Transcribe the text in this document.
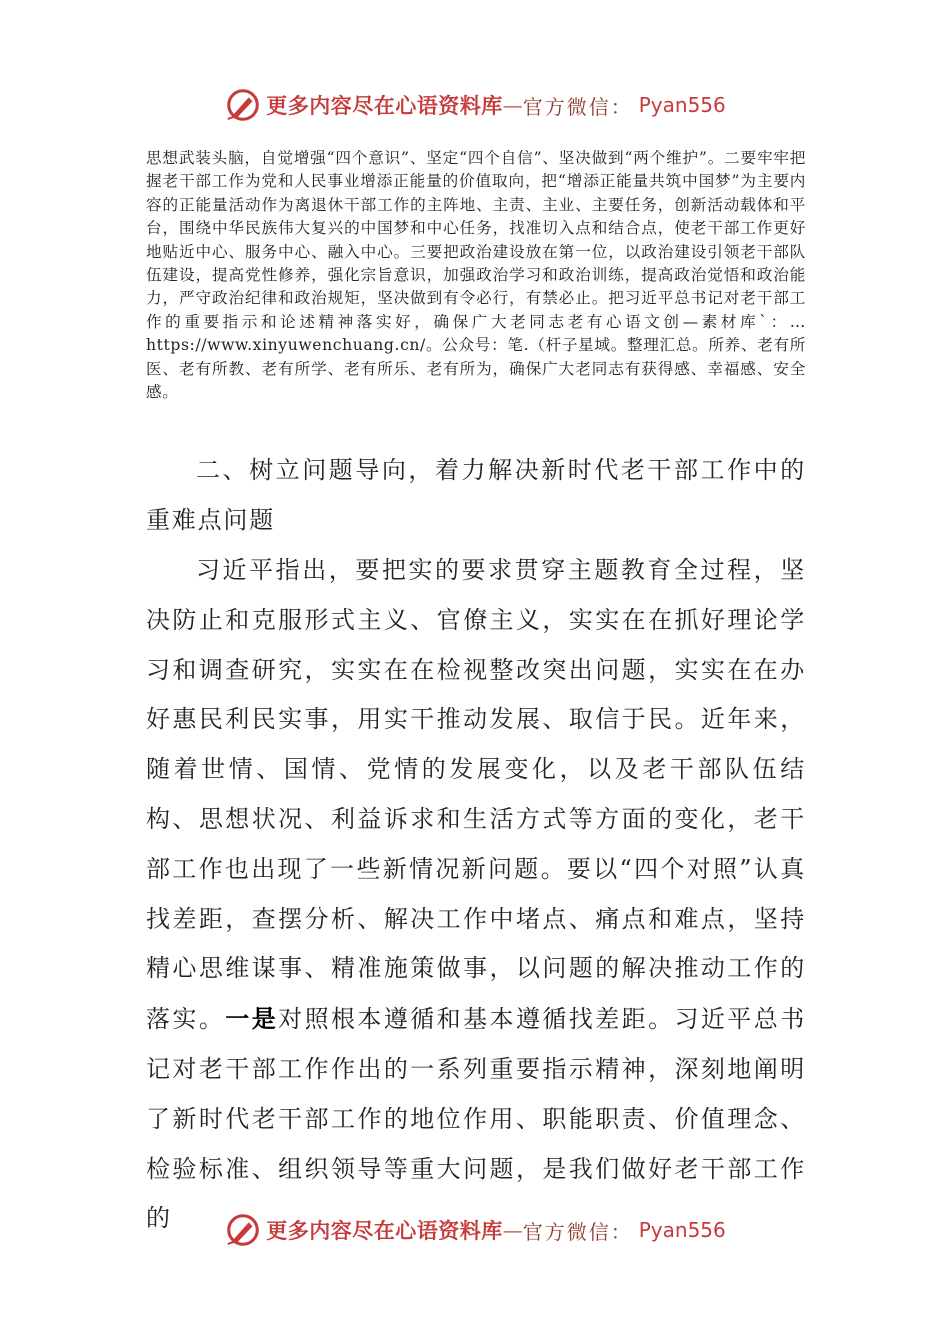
更多内容尽在心语资料库 — 官方微信： Pyan556

思想武装头脑，自觉增强“四个意识”、坚定“四个自信”、坚决做到“两个维护”。二要牢牢把握老干部工作为党和人民事业增添正能量的价值取向，把“增添正能量共筑中国梦”为主要内容的正能量活动作为离退休干部工作的主阵地、主责、主业、主要任务，创新活动载体和平台，围绕中华民族伟大复兴的中国梦和中心任务，找准切入点和结合点，使老干部工作更好地贴近中心、服务中心、融入中心。三要把政治建设放在第一位，以政治建设引领老干部队伍建设，提高党性修养，强化宗旨意识，加强政治学习和政治训练，提高政治觉悟和政治能力，严守政治纪律和政治规矩，坚决做到有令必行，有禁必止。把习近平总书记对老干部工作的重要指示和论述精神落实好，确保广大老同志老有心语文创—素材库`：…https://www.xinyuwenchuang.cn/。公众号：笔.（杆子星域。整理汇总。所养、老有所医、老有所教、老有所学、老有所乐、老有所为，确保广大老同志有获得感、幸福感、安全感。

二、树立问题导向，着力解决新时代老干部工作中的重难点问题

习近平指出，要把实的要求贯穿主题教育全过程，坚决防止和克服形式主义、官僚主义，实实在在抓好理论学习和调查研究，实实在在检视整改突出问题，实实在在办好惠民利民实事，用实干推动发展、取信于民。近年来，随着世情、国情、党情的发展变化，以及老干部队伍结构、思想状况、利益诉求和生活方式等方面的变化，老干部工作也出现了一些新情况新问题。要以“四个对照”认真找差距，查摆分析、解决工作中堵点、痛点和难点，坚持精心思维谋事、精准施策做事，以问题的解决推动工作的落实。一是对照根本遵循和基本遵循找差距。习近平总书记对老干部工作作出的一系列重要指示精神，深刻地阐明了新时代老干部工作的地位作用、职能职责、价值理念、检验标准、组织领导等重大问题，是我们做好老干部工作的	更多内容尽在心语资料库 — 官方微信： Pyan556
